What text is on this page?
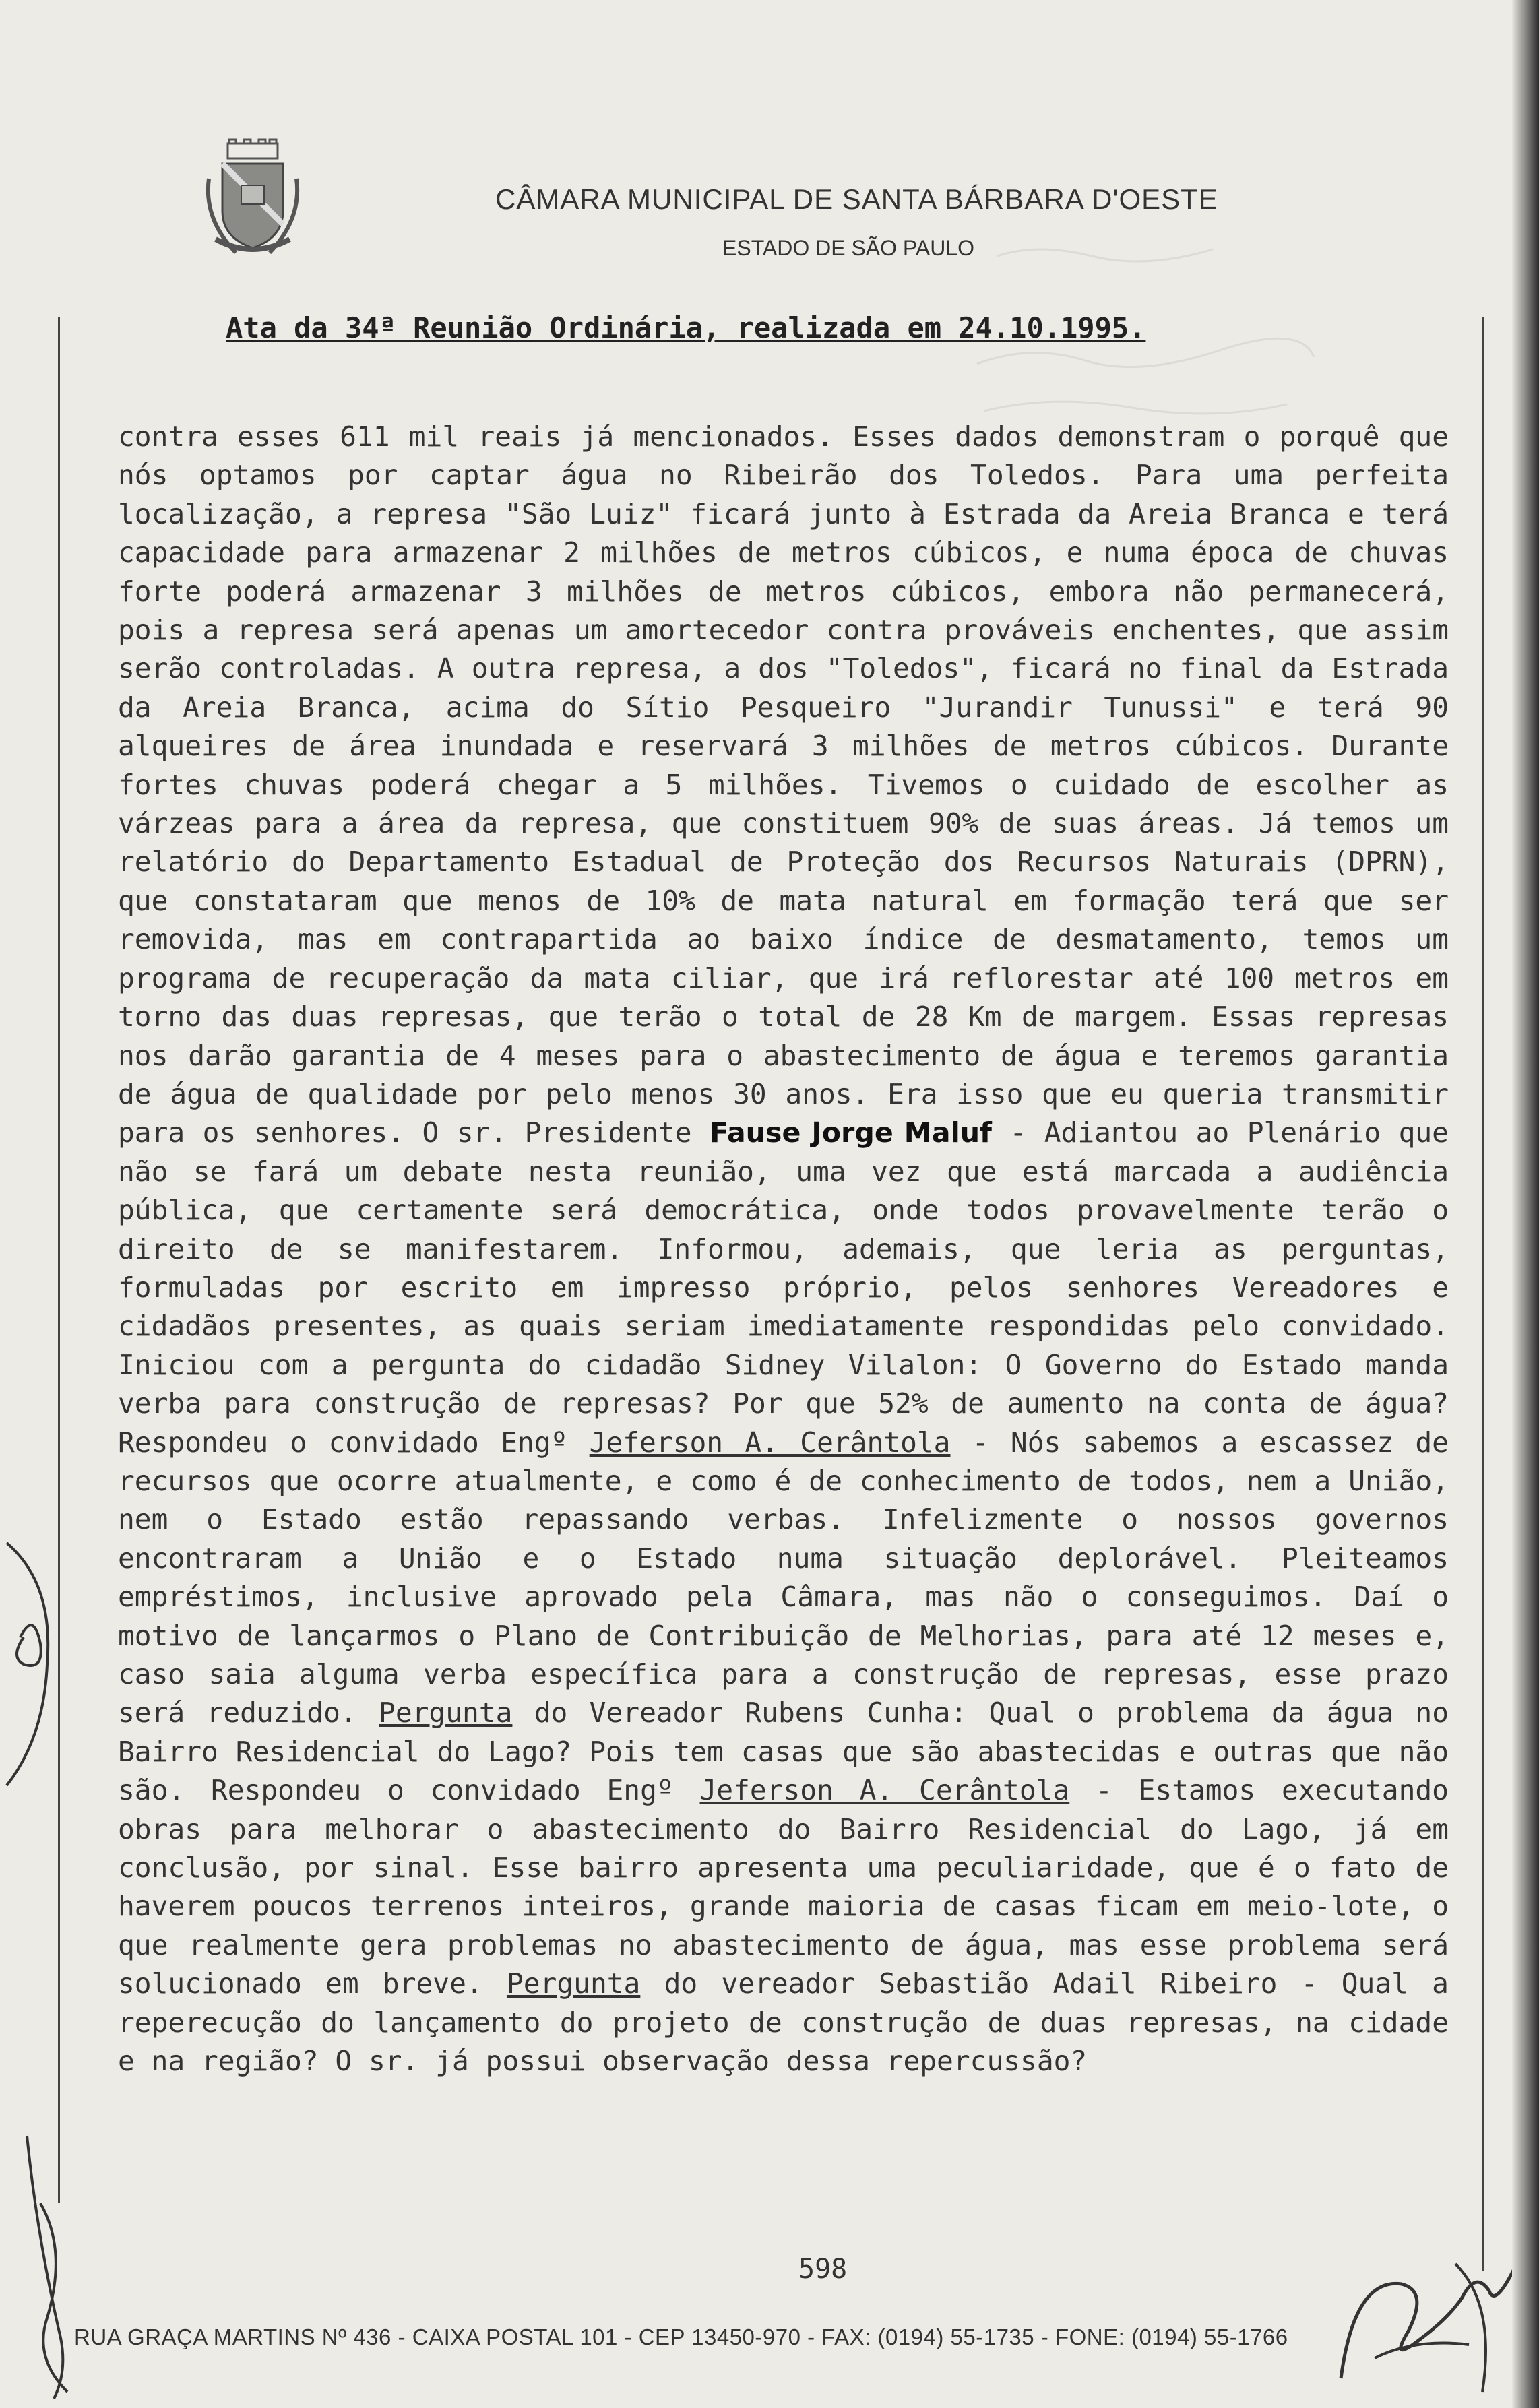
CÂMARA MUNICIPAL DE SANTA BÁRBARA D'OESTE
ESTADO DE SÃO PAULO
Ata da 34ª Reunião Ordinária, realizada em 24.10.1995.

contra esses 611 mil reais já mencionados. Esses dados demonstram o porquê que nós optamos por captar água no Ribeirão dos Toledos. Para uma perfeita localização, a represa "São Luiz" ficará junto à Estrada da Areia Branca e terá capacidade para armazenar 2 milhões de metros cúbicos, e numa época de chuvas forte poderá armazenar 3 milhões de metros cúbicos, embora não permanecerá, pois a represa será apenas um amortecedor contra prováveis enchentes, que assim serão controladas. A outra represa, a dos "Toledos", ficará no final da Estrada da Areia Branca, acima do Sítio Pesqueiro "Jurandir Tunussi" e terá 90 alqueires de área inundada e reservará 3 milhões de metros cúbicos. Durante fortes chuvas poderá chegar a 5 milhões. Tivemos o cuidado de escolher as várzeas para a área da represa, que constituem 90% de suas áreas. Já temos um relatório do Departamento Estadual de Proteção dos Recursos Naturais (DPRN), que constataram que menos de 10% de mata natural em formação terá que ser removida, mas em contrapartida ao baixo índice de desmatamento, temos um programa de recuperação da mata ciliar, que irá reflorestar até 100 metros em torno das duas represas, que terão o total de 28 Km de margem. Essas represas nos darão garantia de 4 meses para o abastecimento de água e teremos garantia de água de qualidade por pelo menos 30 anos. Era isso que eu queria transmitir para os senhores. O sr. Presidente Fause Jorge Maluf - Adiantou ao Plenário que não se fará um debate nesta reunião, uma vez que está marcada a audiência pública, que certamente será democrática, onde todos provavelmente terão o direito de se manifestarem. Informou, ademais, que leria as perguntas, formuladas por escrito em impresso próprio, pelos senhores Vereadores e cidadãos presentes, as quais seriam imediatamente respondidas pelo convidado. Iniciou com a pergunta do cidadão Sidney Vilalon: O Governo do Estado manda verba para construção de represas? Por que 52% de aumento na conta de água? Respondeu o convidado Engº Jeferson A. Cerântola - Nós sabemos a escassez de recursos que ocorre atualmente, e como é de conhecimento de todos, nem a União, nem o Estado estão repassando verbas. Infelizmente o nossos governos encontraram a União e o Estado numa situação deplorável. Pleiteamos empréstimos, inclusive aprovado pela Câmara, mas não o conseguimos. Daí o motivo de lançarmos o Plano de Contribuição de Melhorias, para até 12 meses e, caso saia alguma verba específica para a construção de represas, esse prazo será reduzido. Pergunta do Vereador Rubens Cunha: Qual o problema da água no Bairro Residencial do Lago? Pois tem casas que são abastecidas e outras que não são. Respondeu o convidado Engº Jeferson A. Cerântola - Estamos executando obras para melhorar o abastecimento do Bairro Residencial do Lago, já em conclusão, por sinal. Esse bairro apresenta uma peculiaridade, que é o fato de haverem poucos terrenos inteiros, grande maioria de casas ficam em meio-lote, o que realmente gera problemas no abastecimento de água, mas esse problema será solucionado em breve. Pergunta do vereador Sebastião Adail Ribeiro - Qual a reperecução do lançamento do projeto de construção de duas represas, na cidade e na região? O sr. já possui observação dessa repercussão?

598
RUA GRAÇA MARTINS Nº 436 - CAIXA POSTAL 101 - CEP 13450-970 - FAX: (0194) 55-1735 - FONE: (0194) 55-1766
